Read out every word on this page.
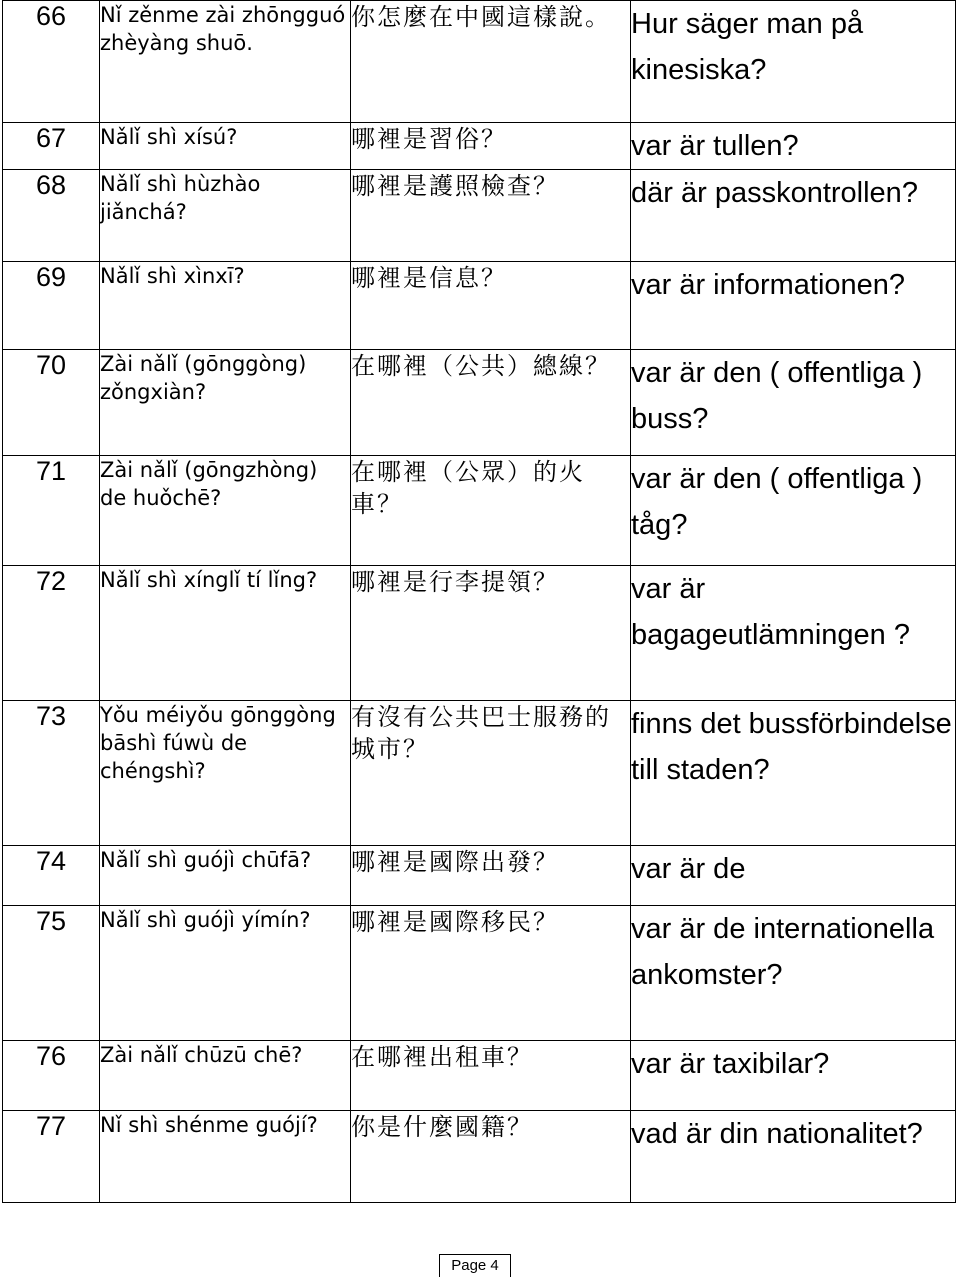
66	Nǐ zěnme zài zhōngguó zhèyàng shuō.	你怎麼在中國這樣說。	Hur säger man på kinesiska?
67	Nǎlǐ shì xísú?	哪裡是習俗？	var är tullen?
68	Nǎlǐ shì hùzhào jiǎnchá?	哪裡是護照檢查？	där är passkontrollen?
69	Nǎlǐ shì xìnxī?	哪裡是信息？	var är informationen?
70	Zài nǎlǐ (gōnggòng) zǒngxiàn?	在哪裡（公共）總線？	var är den ( offentliga ) buss?
71	Zài nǎlǐ (gōngzhòng) de huǒchē?	在哪裡（公眾）的火車？	var är den ( offentliga ) tåg?
72	Nǎlǐ shì xínglǐ tí lǐng?	哪裡是行李提領？	var är bagageutlämningen ?
73	Yǒu méiyǒu gōnggòng bāshì fúwù de chéngshì?	有沒有公共巴士服務的城市？	finns det bussförbindelse till staden?
74	Nǎlǐ shì guójì chūfā?	哪裡是國際出發？	var är de
75	Nǎlǐ shì guójì yímín?	哪裡是國際移民？	var är de internationella ankomster?
76	Zài nǎlǐ chūzū chē?	在哪裡出租車？	var är taxibilar?
77	Nǐ shì shénme guójí?	你是什麼國籍？	vad är din nationalitet?
Page 4
